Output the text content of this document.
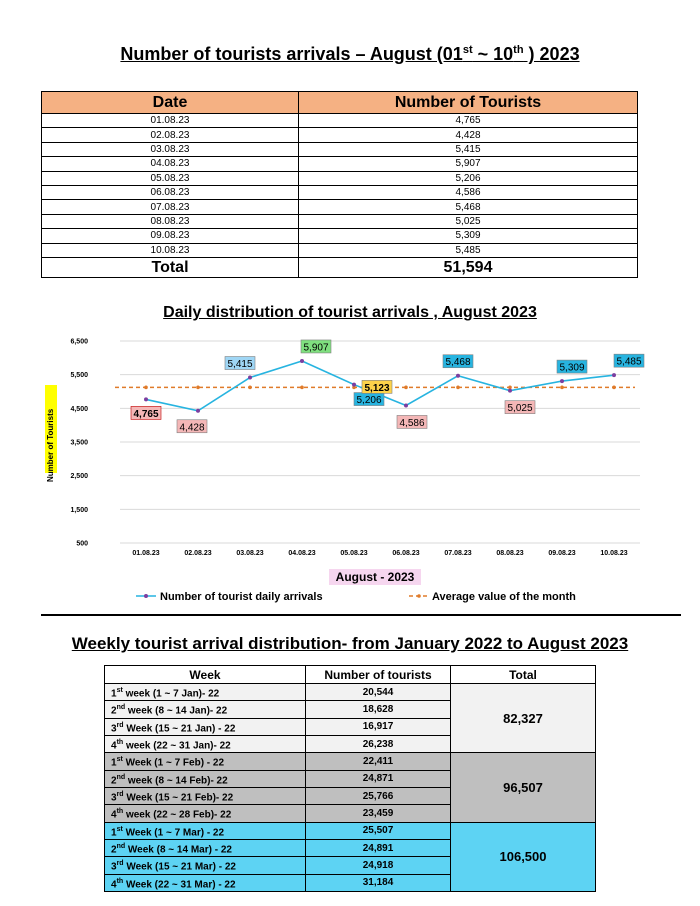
Number of tourists arrivals – August (01st ~ 10th ) 2023
Date	Number of Tourists
01.08.23	4,765
02.08.23	4,428
03.08.23	5,415
04.08.23	5,907
05.08.23	5,206
06.08.23	4,586
07.08.23	5,468
08.08.23	5,025
09.08.23	5,309
10.08.23	5,485
Total	51,594
Daily distribution of tourist arrivals , August 2023
6,500
5,500
4,500
3,500
2,500
1,500
500
Number of Tourists
01.08.23	02.08.23	03.08.23	04.08.23	05.08.23	06.08.23	07.08.23	08.08.23	09.08.23	10.08.23
August - 2023
4,765
4,428
5,415
5,907
5,206
4,586
5,468
5,025
5,309
5,485
5,123
Number of tourist daily arrivals	Average value of the month
Weekly tourist arrival distribution- from January 2022 to August 2023
Week	Number of tourists	Total
1st week (1 ~ 7 Jan)- 22	20,544	82,327
2nd week (8 ~ 14 Jan)- 22	18,628	
3rd Week (15 ~ 21 Jan) - 22	16,917	
4th week (22 ~ 31 Jan)- 22	26,238	
1st Week (1 ~ 7 Feb) - 22	22,411	96,507
2nd week (8 ~ 14 Feb)- 22	24,871	
3rd Week (15 ~ 21 Feb)- 22	25,766	
4th week (22 ~ 28 Feb)- 22	23,459	
1st Week (1 ~ 7 Mar) - 22	25,507	106,500
2nd Week (8 ~ 14 Mar) - 22	24,891	
3rd Week (15 ~ 21 Mar) - 22	24,918	
4th Week (22 ~ 31 Mar) - 22	31,184	
